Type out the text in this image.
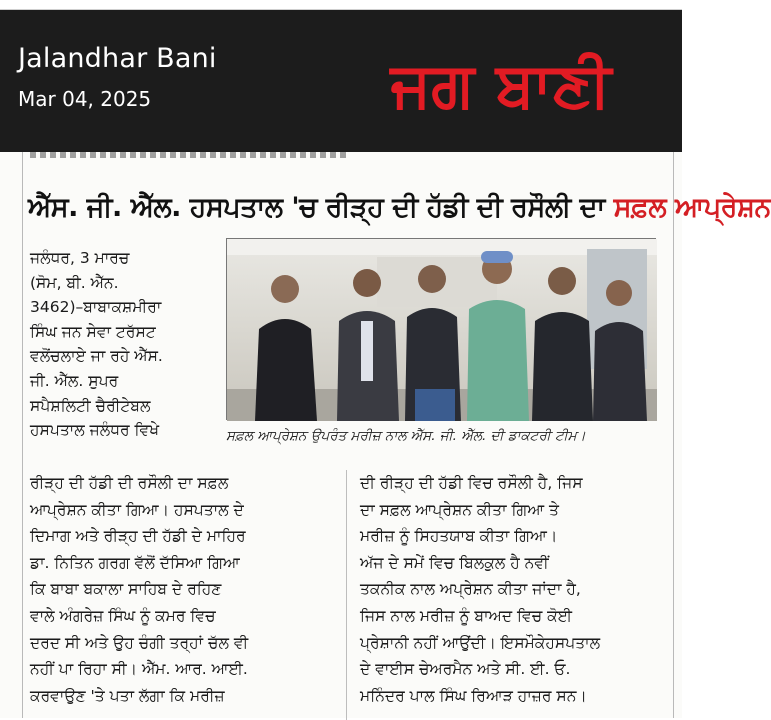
Jalandhar Bani
Mar 04, 2025	ਜਗ ਬਾਣੀ
ਐੱਸ. ਜੀ. ਐੱਲ. ਹਸਪਤਾਲ 'ਚ ਰੀੜ੍ਹ ਦੀ ਹੱਡੀ ਦੀ ਰਸੌਲੀ ਦਾ ਸਫ਼ਲ ਆਪ੍ਰੇਸ਼ਨ
ਜਲੰਧਰ, 3 ਮਾਰਚ
(ਸੋਮ, ਬੀ. ਐੱਨ.
3462)–ਬਾਬਾਕਸ਼ਮੀਰਾ
ਸਿੰਘ ਜਨ ਸੇਵਾ ਟਰੱਸਟ
ਵਲੋਂਚਲਾਏ ਜਾ ਰਹੇ ਐੱਸ.
ਜੀ. ਐੱਲ. ਸੁਪਰ
ਸਪੈਸ਼ਲਿਟੀ ਚੈਰੀਟੇਬਲ
ਹਸਪਤਾਲ ਜਲੰਧਰ ਵਿਖੇ	ਸਫ਼ਲ ਆਪ੍ਰੇਸ਼ਨ ਉਪਰੰਤ ਮਰੀਜ਼ ਨਾਲ ਐੱਸ. ਜੀ. ਐੱਲ. ਦੀ ਡਾਕਟਰੀ ਟੀਮ।
ਰੀੜ੍ਹ ਦੀ ਹੱਡੀ ਦੀ ਰਸੌਲੀ ਦਾ ਸਫ਼ਲ
ਆਪ੍ਰੇਸ਼ਨ ਕੀਤਾ ਗਿਆ। ਹਸਪਤਾਲ ਦੇ
ਦਿਮਾਗ ਅਤੇ ਰੀੜ੍ਹ ਦੀ ਹੱਡੀ ਦੇ ਮਾਹਿਰ
ਡਾ. ਨਿਤਿਨ ਗਰਗ ਵੱਲੋਂ ਦੱਸਿਆ ਗਿਆ
ਕਿ ਬਾਬਾ ਬਕਾਲਾ ਸਾਹਿਬ ਦੇ ਰਹਿਣ
ਵਾਲੇ ਅੰਗਰੇਜ਼ ਸਿੰਘ ਨੂੰ ਕਮਰ ਵਿਚ
ਦਰਦ ਸੀ ਅਤੇ ਉਹ ਚੰਗੀ ਤਰ੍ਹਾਂ ਚੱਲ ਵੀ
ਨਹੀਂ ਪਾ ਰਿਹਾ ਸੀ। ਐੱਮ. ਆਰ. ਆਈ.
ਕਰਵਾਉਣ 'ਤੇ ਪਤਾ ਲੱਗਾ ਕਿ ਮਰੀਜ਼
ਦੀ ਰੀੜ੍ਹ ਦੀ ਹੱਡੀ ਵਿਚ ਰਸੌਲੀ ਹੈ, ਜਿਸ
ਦਾ ਸਫ਼ਲ ਆਪ੍ਰੇਸ਼ਨ ਕੀਤਾ ਗਿਆ ਤੇ
ਮਰੀਜ਼ ਨੂੰ ਸਿਹਤਯਾਬ ਕੀਤਾ ਗਿਆ।
ਅੱਜ ਦੇ ਸਮੇਂ ਵਿਚ ਬਿਲਕੁਲ ਹੈ ਨਵੀਂ
ਤਕਨੀਕ ਨਾਲ ਅਪ੍ਰੇਸ਼ਨ ਕੀਤਾ ਜਾਂਦਾ ਹੈ,
ਜਿਸ ਨਾਲ ਮਰੀਜ਼ ਨੂੰ ਬਾਅਦ ਵਿਚ ਕੋਈ
ਪ੍ਰੇਸ਼ਾਨੀ ਨਹੀਂ ਆਉਂਦੀ। ਇਸਮੌਕੇਹਸਪਤਾਲ
ਦੇ ਵਾਈਸ ਚੇਅਰਮੈਨ ਅਤੇ ਸੀ. ਈ. ਓ.
ਮਨਿੰਦਰ ਪਾਲ ਸਿੰਘ ਰਿਆੜ ਹਾਜ਼ਰ ਸਨ।
